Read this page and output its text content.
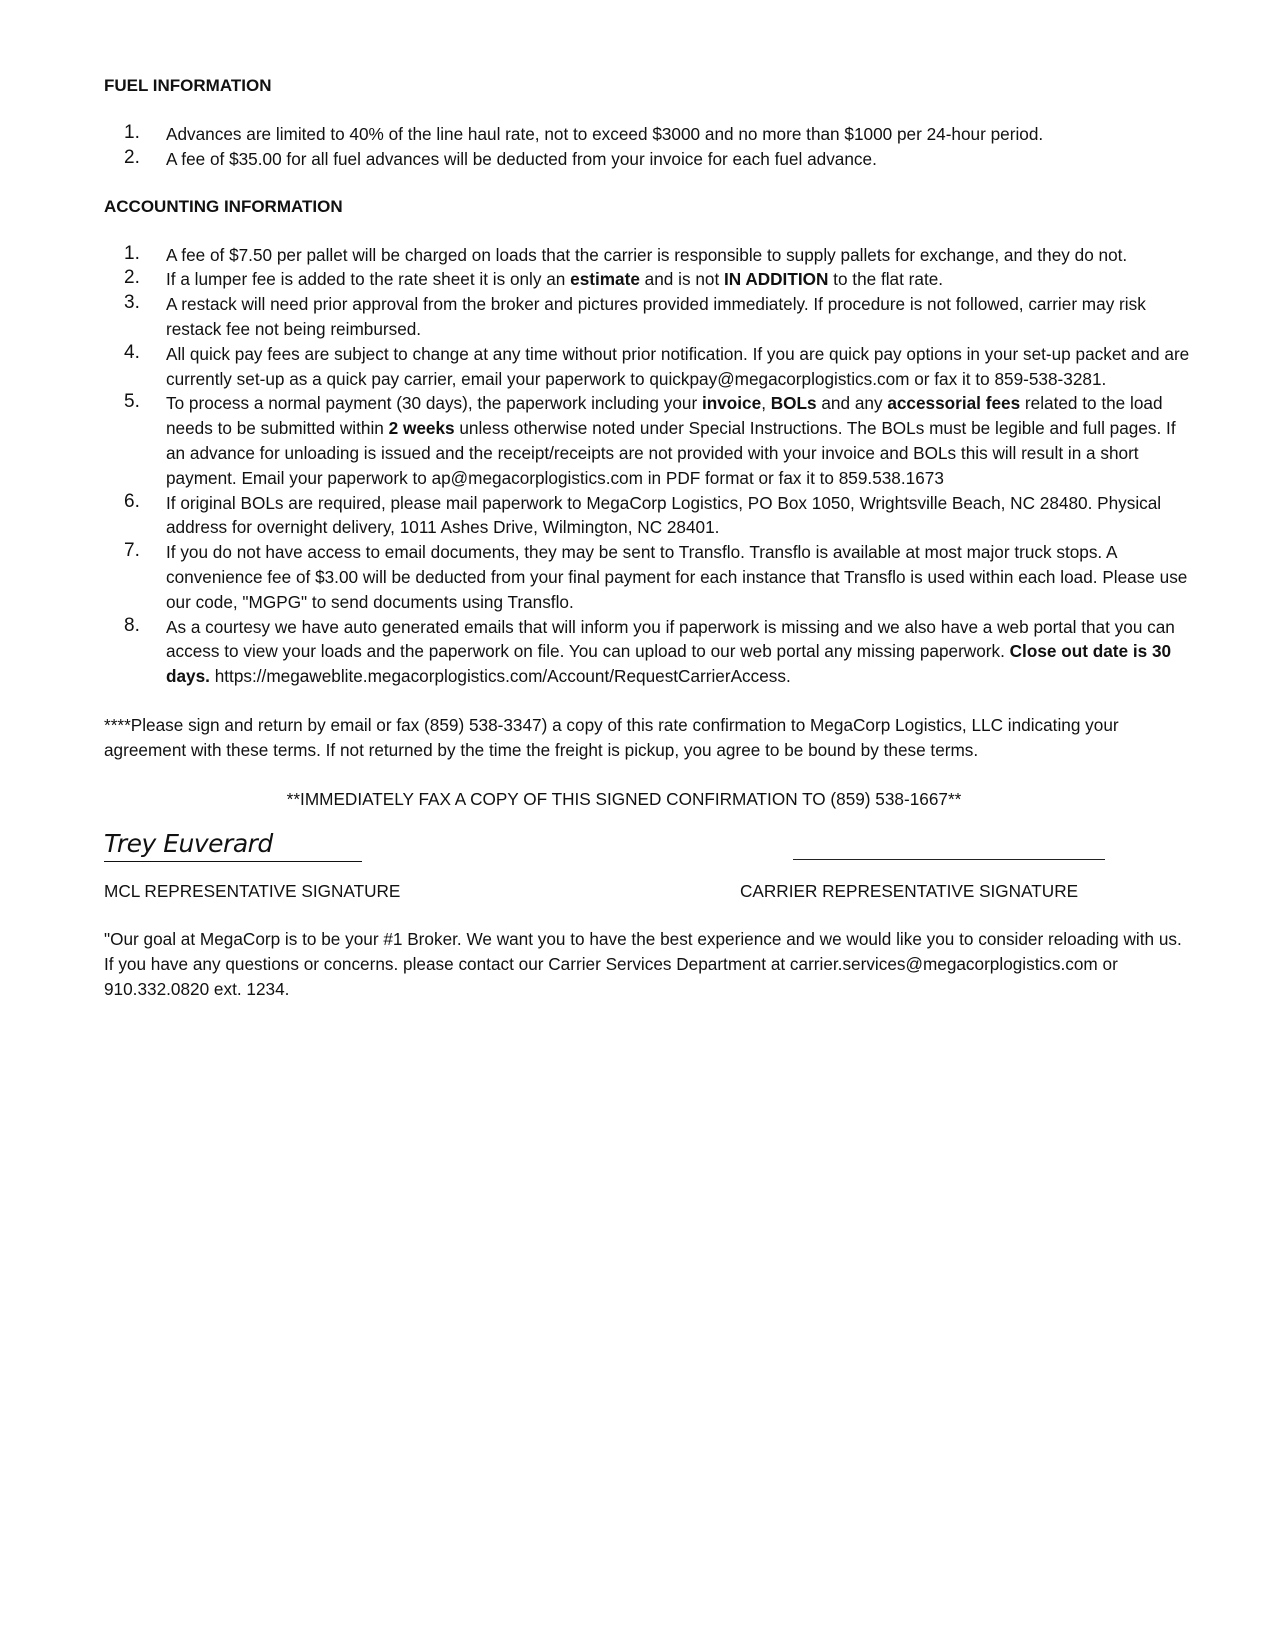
FUEL INFORMATION

1. Advances are limited to 40% of the line haul rate, not to exceed $3000 and no more than $1000 per 24-hour period.
2. A fee of $35.00 for all fuel advances will be deducted from your invoice for each fuel advance.

ACCOUNTING INFORMATION

1. A fee of $7.50 per pallet will be charged on loads that the carrier is responsible to supply pallets for exchange, and they do not.
2. If a lumper fee is added to the rate sheet it is only an estimate and is not IN ADDITION to the flat rate.
3. A restack will need prior approval from the broker and pictures provided immediately. If procedure is not followed, carrier may risk restack fee not being reimbursed.
4. All quick pay fees are subject to change at any time without prior notification. If you are quick pay options in your set-up packet and are currently set-up as a quick pay carrier, email your paperwork to quickpay@megacorplogistics.com or fax it to 859-538-3281.
5. To process a normal payment (30 days), the paperwork including your invoice, BOLs and any accessorial fees related to the load needs to be submitted within 2 weeks unless otherwise noted under Special Instructions. The BOLs must be legible and full pages. If an advance for unloading is issued and the receipt/receipts are not provided with your invoice and BOLs this will result in a short payment. Email your paperwork to ap@megacorplogistics.com in PDF format or fax it to 859.538.1673
6. If original BOLs are required, please mail paperwork to MegaCorp Logistics, PO Box 1050, Wrightsville Beach, NC 28480. Physical address for overnight delivery, 1011 Ashes Drive, Wilmington, NC 28401.
7. If you do not have access to email documents, they may be sent to Transflo. Transflo is available at most major truck stops. A convenience fee of $3.00 will be deducted from your final payment for each instance that Transflo is used within each load. Please use our code, "MGPG" to send documents using Transflo.
8. As a courtesy we have auto generated emails that will inform you if paperwork is missing and we also have a web portal that you can access to view your loads and the paperwork on file. You can upload to our web portal any missing paperwork. Close out date is 30 days. https://megaweblite.megacorplogistics.com/Account/RequestCarrierAccess.

****Please sign and return by email or fax (859) 538-3347) a copy of this rate confirmation to MegaCorp Logistics, LLC indicating your agreement with these terms. If not returned by the time the freight is pickup, you agree to be bound by these terms.

**IMMEDIATELY FAX A COPY OF THIS SIGNED CONFIRMATION TO (859) 538-1667**

Trey Euverard
MCL REPRESENTATIVE SIGNATURE	CARRIER REPRESENTATIVE SIGNATURE

"Our goal at MegaCorp is to be your #1 Broker. We want you to have the best experience and we would like you to consider reloading with us. If you have any questions or concerns. please contact our Carrier Services Department at carrier.services@megacorplogistics.com or 910.332.0820 ext. 1234.
